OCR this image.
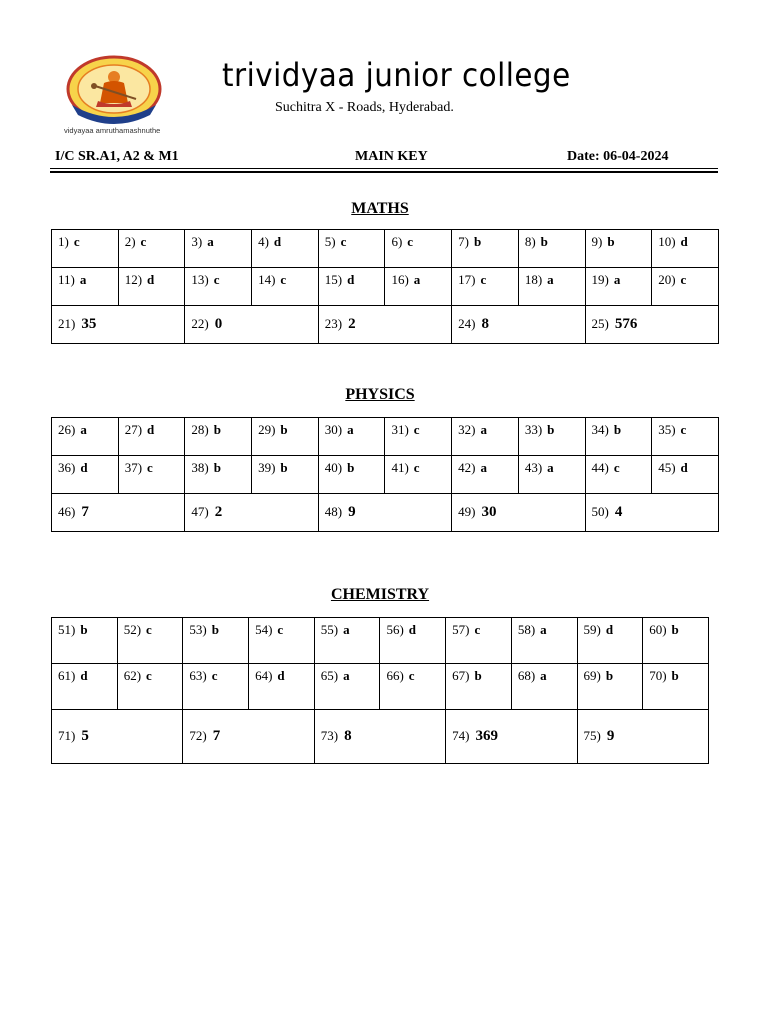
vidyayaa amruthamashnuthe
trividyaa junior college
Suchitra X - Roads, Hyderabad.
I/C SR.A1, A2 & M1	MAIN KEY	Date: 06-04-2024
MATHS
PHYSICS
CHEMISTRY
1) c	2) c	3) a	4) d	5) c	6) c	7) b	8) b	9) b	10) d
11) a	12) d	13) c	14) c	15) d	16) a	17) c	18) a	19) a	20) c
21) 35		22) 0		23) 2		24) 8		25) 576	
26) a	27) d	28) b	29) b	30) a	31) c	32) a	33) b	34) b	35) c
36) d	37) c	38) b	39) b	40) b	41) c	42) a	43) a	44) c	45) d
46) 7		47) 2		48) 9		49) 30		50) 4	
51) b	52) c	53) b	54) c	55) a	56) d	57) c	58) a	59) d	60) b
61) d	62) c	63) c	64) d	65) a	66) c	67) b	68) a	69) b	70) b
71) 5		72) 7		73) 8		74) 369		75) 9	
